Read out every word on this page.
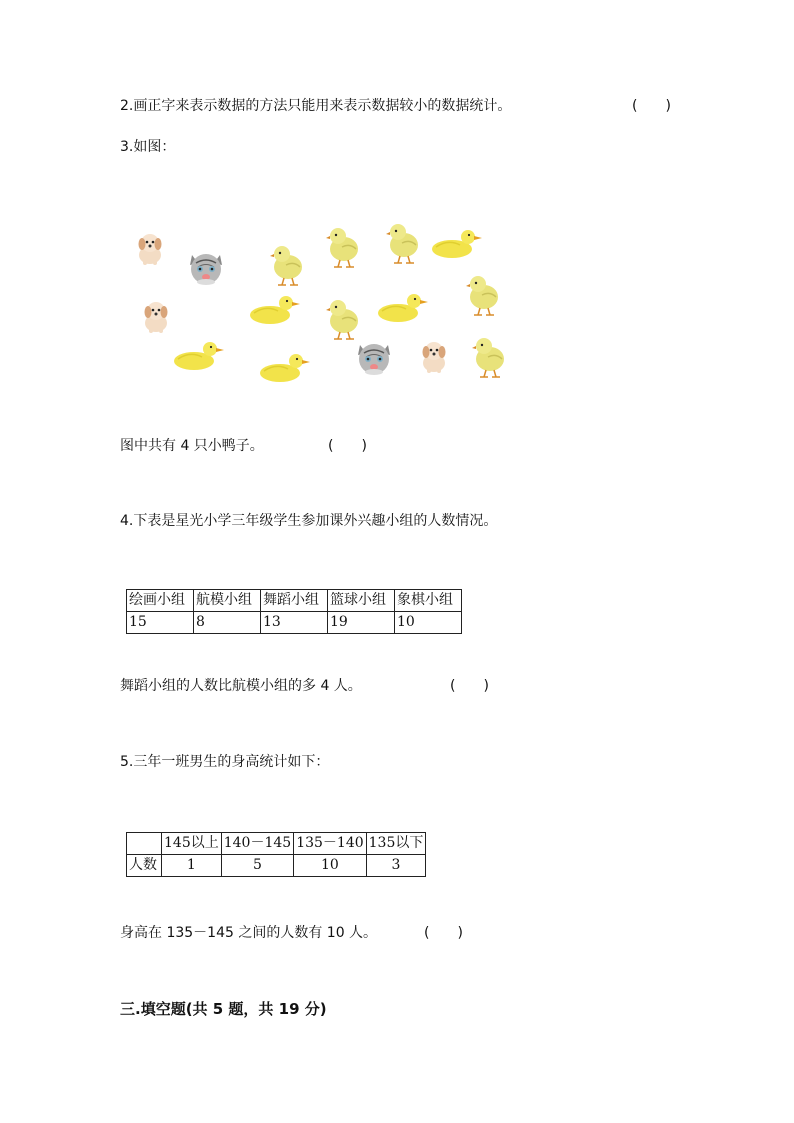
2.画正字来表示数据的方法只能用来表示数据较小的数据统计。	(　　)
3.如图：
图中共有 4 只小鸭子。	(　　)
4.下表是星光小学三年级学生参加课外兴趣小组的人数情况。
绘画小组	航模小组	舞蹈小组	篮球小组	象棋小组
15	8	13	19	10
舞蹈小组的人数比航模小组的多 4 人。	(　　)
5.三年一班男生的身高统计如下：
	145以上	140－145	135－140	135以下
人数	1	5	10	3
身高在 135－145 之间的人数有 10 人。	(　　)
三.填空题(共 5 题，共 19 分)
